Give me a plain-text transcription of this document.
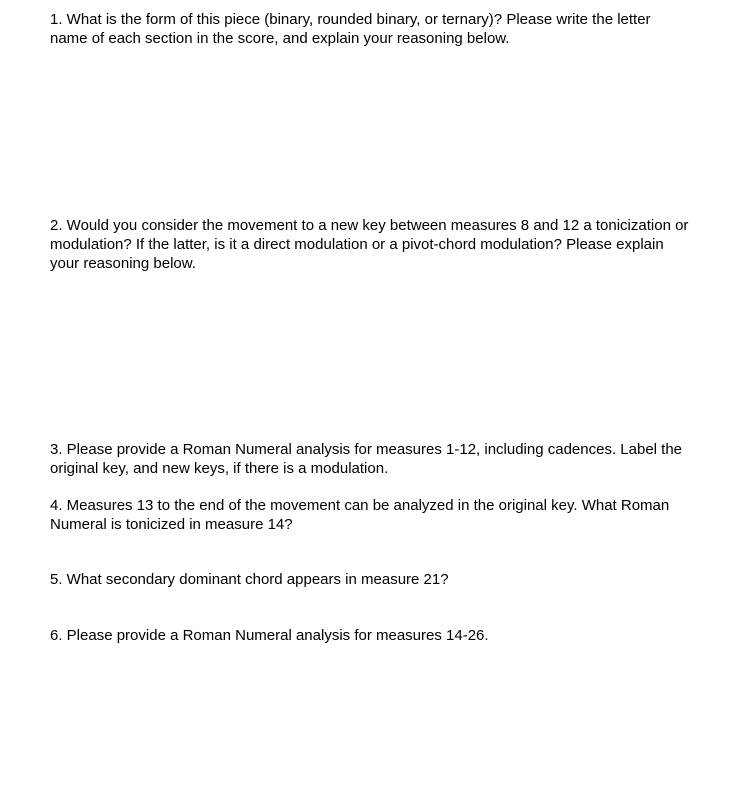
1. What is the form of this piece (binary, rounded binary, or ternary)? Please write the letter name of each section in the score, and explain your reasoning below.

2. Would you consider the movement to a new key between measures 8 and 12 a tonicization or modulation? If the latter, is it a direct modulation or a pivot-chord modulation? Please explain your reasoning below.

3. Please provide a Roman Numeral analysis for measures 1-12, including cadences. Label the original key, and new keys, if there is a modulation.

4. Measures 13 to the end of the movement can be analyzed in the original key. What Roman Numeral is tonicized in measure 14?

5. What secondary dominant chord appears in measure 21?

6. Please provide a Roman Numeral analysis for measures 14-26.
